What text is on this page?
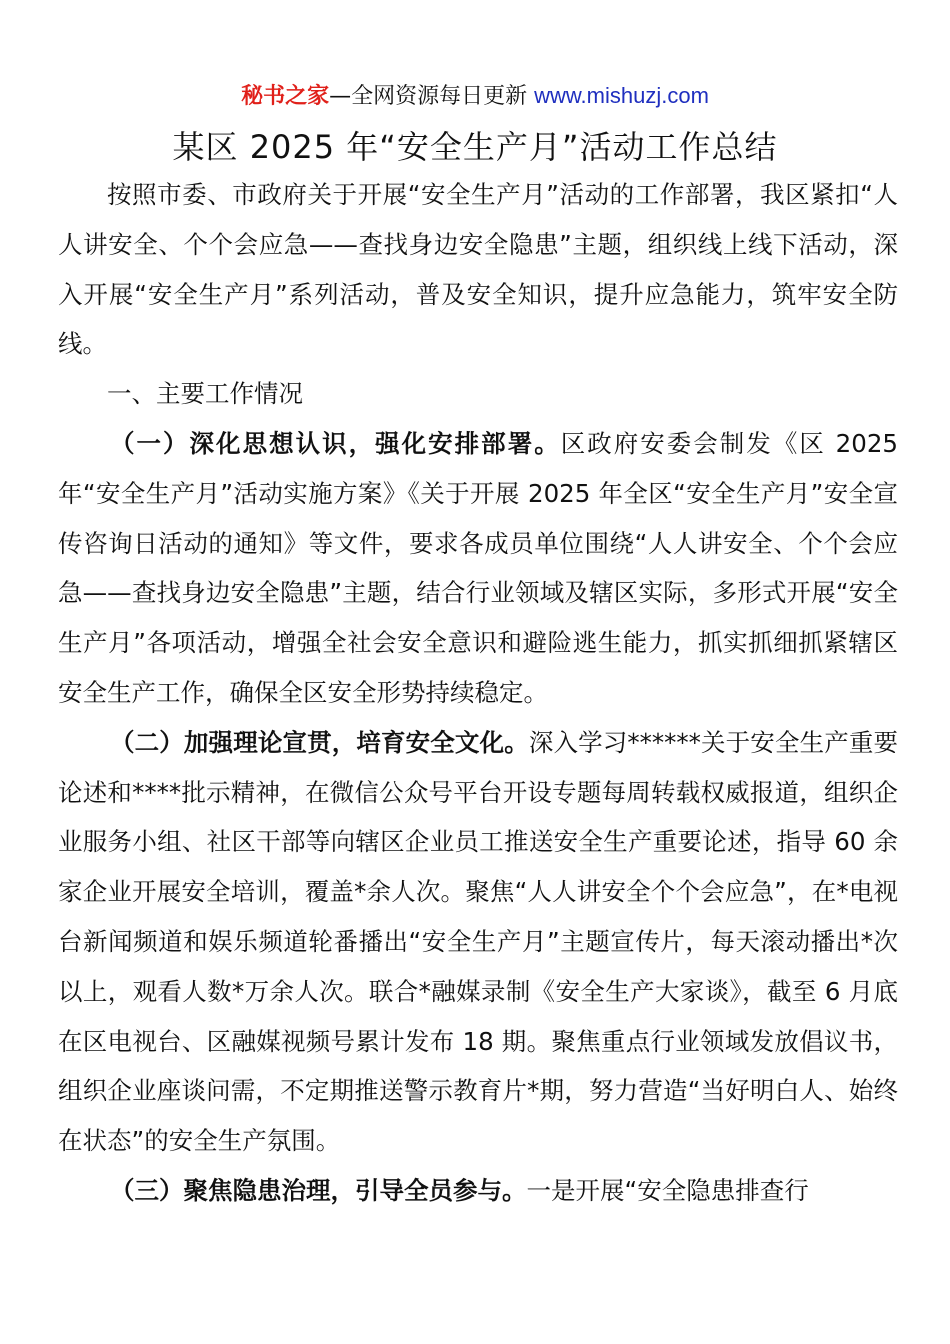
秘书之家—全网资源每日更新 www.mishuzj.com
某区 2025 年“安全生产月”活动工作总结

按照市委、市政府关于开展“安全生产月”活动的工作部署，我区紧扣“人人讲安全、个个会应急——查找身边安全隐患”主题，组织线上线下活动，深入开展“安全生产月”系列活动，普及安全知识，提升应急能力，筑牢安全防线。

一、主要工作情况

（一）深化思想认识，强化安排部署。区政府安委会制发《区 2025 年“安全生产月”活动实施方案》《关于开展 2025 年全区“安全生产月”安全宣传咨询日活动的通知》等文件，要求各成员单位围绕“人人讲安全、个个会应急——查找身边安全隐患”主题，结合行业领域及辖区实际，多形式开展“安全生产月”各项活动，增强全社会安全意识和避险逃生能力，抓实抓细抓紧辖区安全生产工作，确保全区安全形势持续稳定。

（二）加强理论宣贯，培育安全文化。深入学习******关于安全生产重要论述和****批示精神，在微信公众号平台开设专题每周转载权威报道，组织企业服务小组、社区干部等向辖区企业员工推送安全生产重要论述，指导 60 余家企业开展安全培训，覆盖*余人次。聚焦“人人讲安全个个会应急”，在*电视台新闻频道和娱乐频道轮番播出“安全生产月”主题宣传片，每天滚动播出*次以上，观看人数*万余人次。联合*融媒录制《安全生产大家谈》，截至 6 月底在区电视台、区融媒视频号累计发布 18 期。聚焦重点行业领域发放倡议书，组织企业座谈问需，不定期推送警示教育片*期，努力营造“当好明白人、始终在状态”的安全生产氛围。

（三）聚焦隐患治理，引导全员参与。一是开展“安全隐患排查行
